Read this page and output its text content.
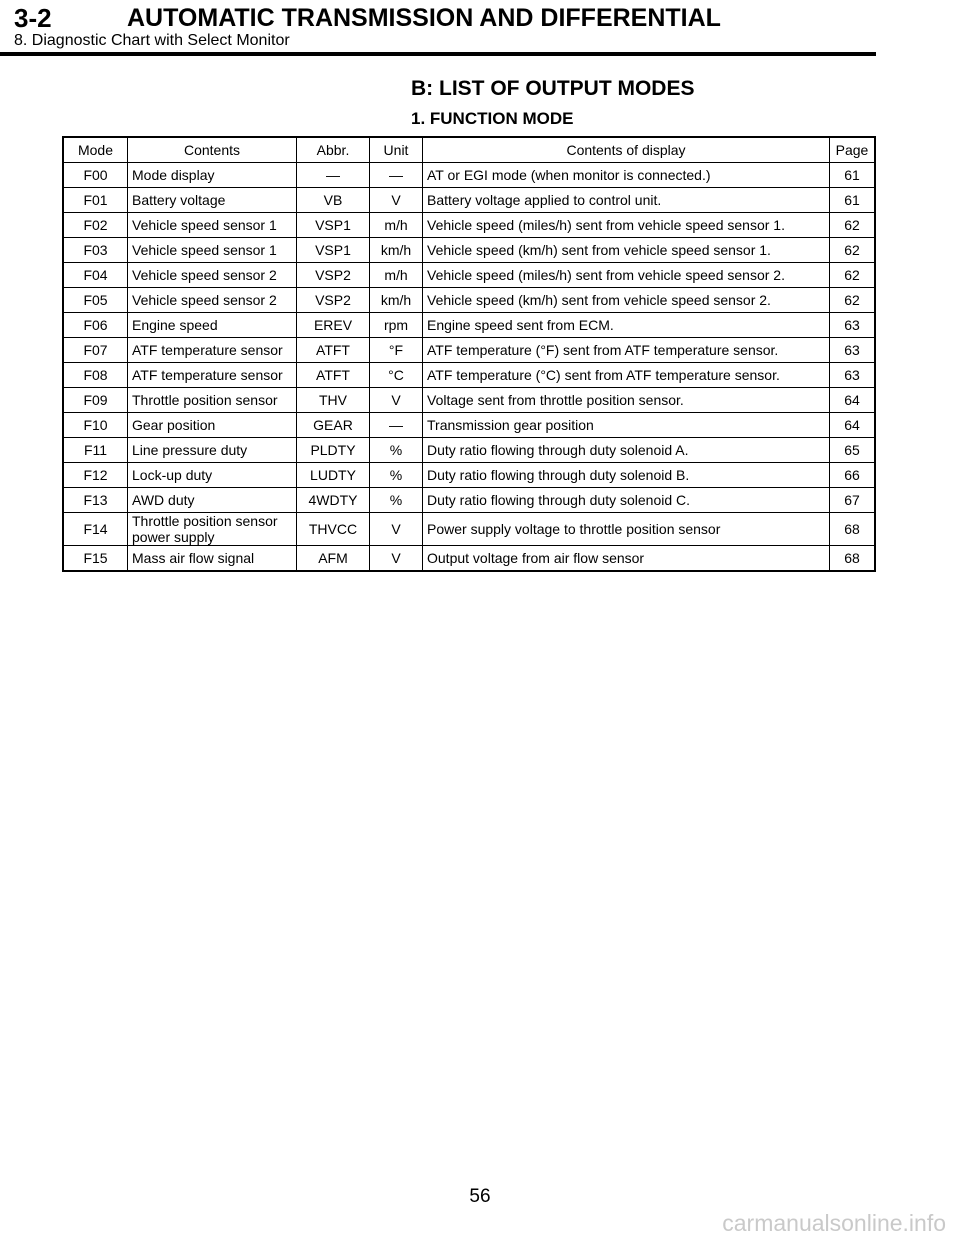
3-2	AUTOMATIC TRANSMISSION AND DIFFERENTIAL
8. Diagnostic Chart with Select Monitor
B: LIST OF OUTPUT MODES
1. FUNCTION MODE
Mode	Contents	Abbr.	Unit	Contents of display	Page
F00	Mode display	—	—	AT or EGI mode (when monitor is connected.)	61
F01	Battery voltage	VB	V	Battery voltage applied to control unit.	61
F02	Vehicle speed sensor 1	VSP1	m/h	Vehicle speed (miles/h) sent from vehicle speed sensor 1.	62
F03	Vehicle speed sensor 1	VSP1	km/h	Vehicle speed (km/h) sent from vehicle speed sensor 1.	62
F04	Vehicle speed sensor 2	VSP2	m/h	Vehicle speed (miles/h) sent from vehicle speed sensor 2.	62
F05	Vehicle speed sensor 2	VSP2	km/h	Vehicle speed (km/h) sent from vehicle speed sensor 2.	62
F06	Engine speed	EREV	rpm	Engine speed sent from ECM.	63
F07	ATF temperature sensor	ATFT	°F	ATF temperature (°F) sent from ATF temperature sensor.	63
F08	ATF temperature sensor	ATFT	°C	ATF temperature (°C) sent from ATF temperature sensor.	63
F09	Throttle position sensor	THV	V	Voltage sent from throttle position sensor.	64
F10	Gear position	GEAR	—	Transmission gear position	64
F11	Line pressure duty	PLDTY	%	Duty ratio flowing through duty solenoid A.	65
F12	Lock-up duty	LUDTY	%	Duty ratio flowing through duty solenoid B.	66
F13	AWD duty	4WDTY	%	Duty ratio flowing through duty solenoid C.	67
F14	Throttle position sensor
power supply	THVCC	V	Power supply voltage to throttle position sensor	68
F15	Mass air flow signal	AFM	V	Output voltage from air flow sensor	68
56
carmanualsonline.info
